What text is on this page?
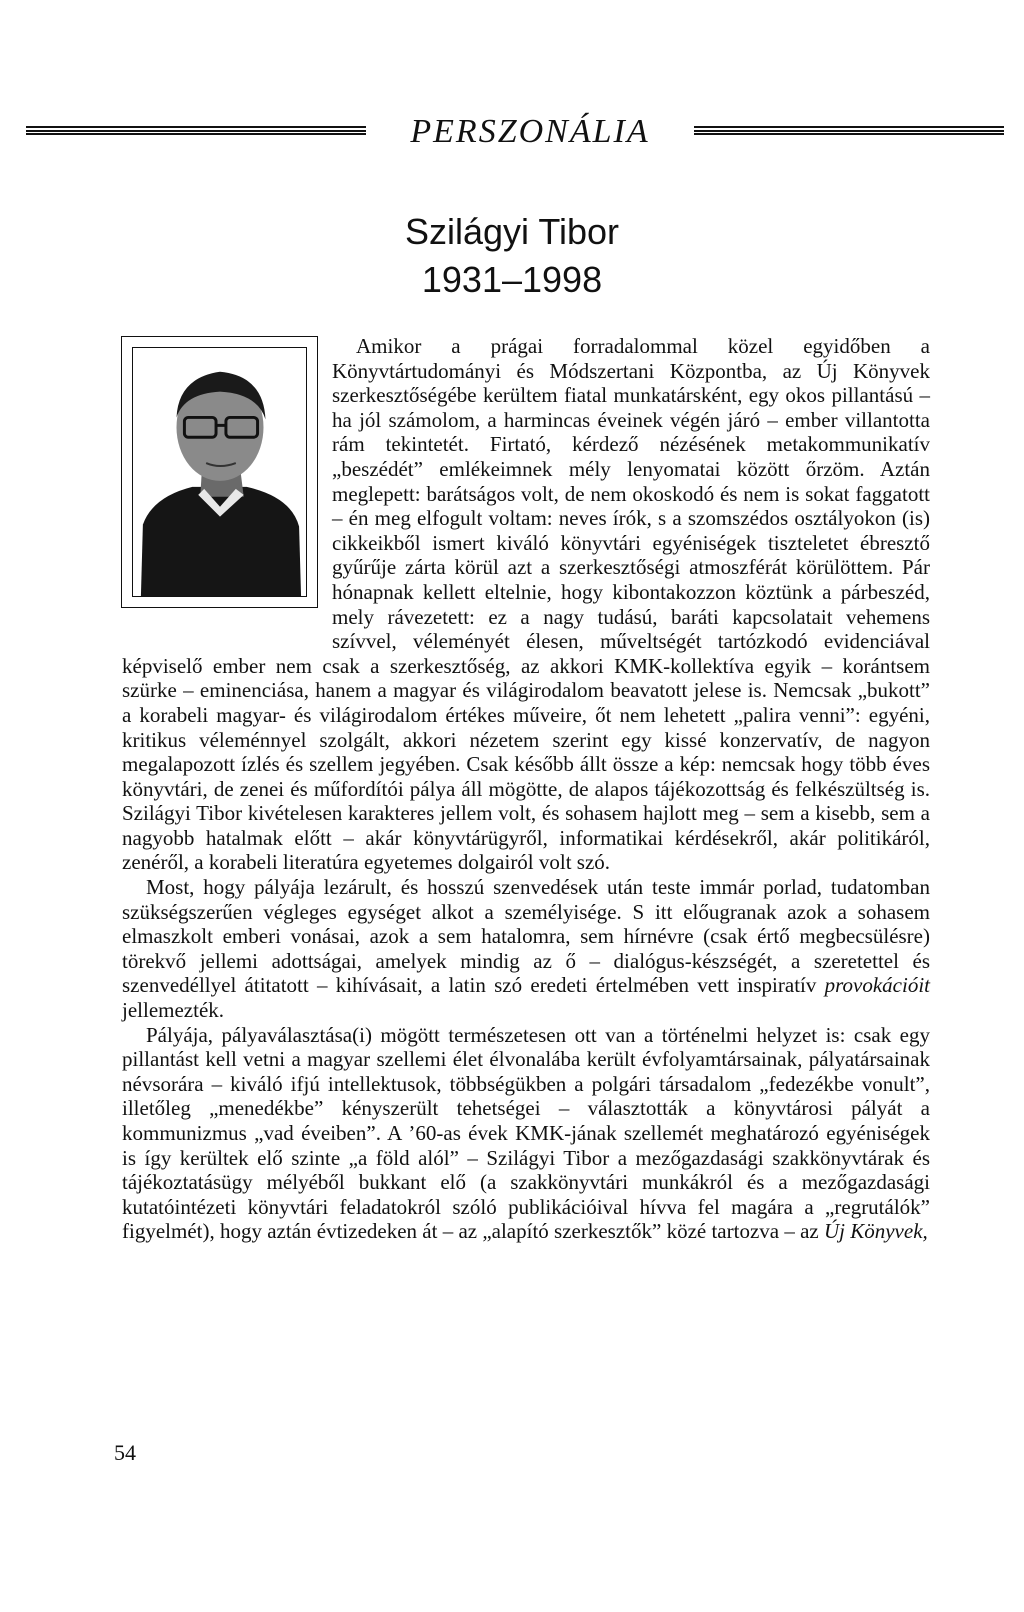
PERSZONÁLIA
Szilágyi Tibor
1931–1998

Amikor a prágai forradalommal közel egyidőben a Könyvtártudományi és Módszertani Központba, az Új Könyvek szerkesztőségébe kerültem fiatal munkatársként, egy okos pillantású – ha jól számolom, a harmincas éveinek végén járó – ember villantotta rám tekintetét. Firtató, kérdező nézésének metakommunikatív „beszédét” emlékeimnek mély lenyomatai között őrzöm. Aztán meglepett: barátságos volt, de nem okoskodó és nem is sokat faggatott – én meg elfogult voltam: neves írók, s a szomszédos osztályokon (is) cikkeikből ismert kiváló könyvtári egyéniségek tiszteletet ébresztő gyűrűje zárta körül azt a szerkesztőségi atmoszférát körülöttem. Pár hónapnak kellett eltelnie, hogy kibontakozzon köztünk a párbeszéd, mely rávezetett: ez a nagy tudású, baráti kapcsolatait vehemens szívvel, véleményét élesen, műveltségét tartózkodó evidenciával képviselő ember nem csak a szerkesztőség, az akkori KMK-kollektíva egyik – korántsem szürke – eminenciása, hanem a magyar és világirodalom beavatott jelese is. Nemcsak „bukott” a korabeli magyar- és világirodalom értékes műveire, őt nem lehetett „palira venni”: egyéni, kritikus véleménnyel szolgált, akkori nézetem szerint egy kissé konzervatív, de nagyon megalapozott ízlés és szellem jegyében. Csak később állt össze a kép: nemcsak hogy több éves könyvtári, de zenei és műfordítói pálya áll mögötte, de alapos tájékozottság és felkészültség is. Szilágyi Tibor kivételesen karakteres jellem volt, és sohasem hajlott meg – sem a kisebb, sem a nagyobb hatalmak előtt – akár könyvtárügyről, informatikai kérdésekről, akár politikáról, zenéről, a korabeli literatúra egyetemes dolgairól volt szó.

Most, hogy pályája lezárult, és hosszú szenvedések után teste immár porlad, tudatomban szükségszerűen végleges egységet alkot a személyisége. S itt előugranak azok a sohasem elmaszkolt emberi vonásai, azok a sem hatalomra, sem hírnévre (csak értő megbecsülésre) törekvő jellemi adottságai, amelyek mindig az ő – dialógus-készségét, a szeretettel és szenvedéllyel átitatott – kihívásait, a latin szó eredeti értelmében vett inspiratív provokációit jellemezték.

Pályája, pályaválasztása(i) mögött természetesen ott van a történelmi helyzet is: csak egy pillantást kell vetni a magyar szellemi élet élvonalába került évfolyamtársainak, pályatársainak névsorára – kiváló ifjú intellektusok, többségükben a polgári társadalom „fedezékbe vonult”, illetőleg „menedékbe” kényszerült tehetségei – választották a könyvtárosi pályát a kommunizmus „vad éveiben”. A ’60-as évek KMK-jának szellemét meghatározó egyéniségek is így kerültek elő szinte „a föld alól” – Szilágyi Tibor a mezőgazdasági szakkönyvtárak és tájékoztatásügy mélyéből bukkant elő (a szakkönyvtári munkákról és a mezőgazdasági kutatóintézeti könyvtári feladatokról szóló publikációival hívva fel magára a „regrutálók” figyelmét), hogy aztán évtizedeken át – az „alapító szerkesztők” közé tartozva – az Új Könyvek,

54
